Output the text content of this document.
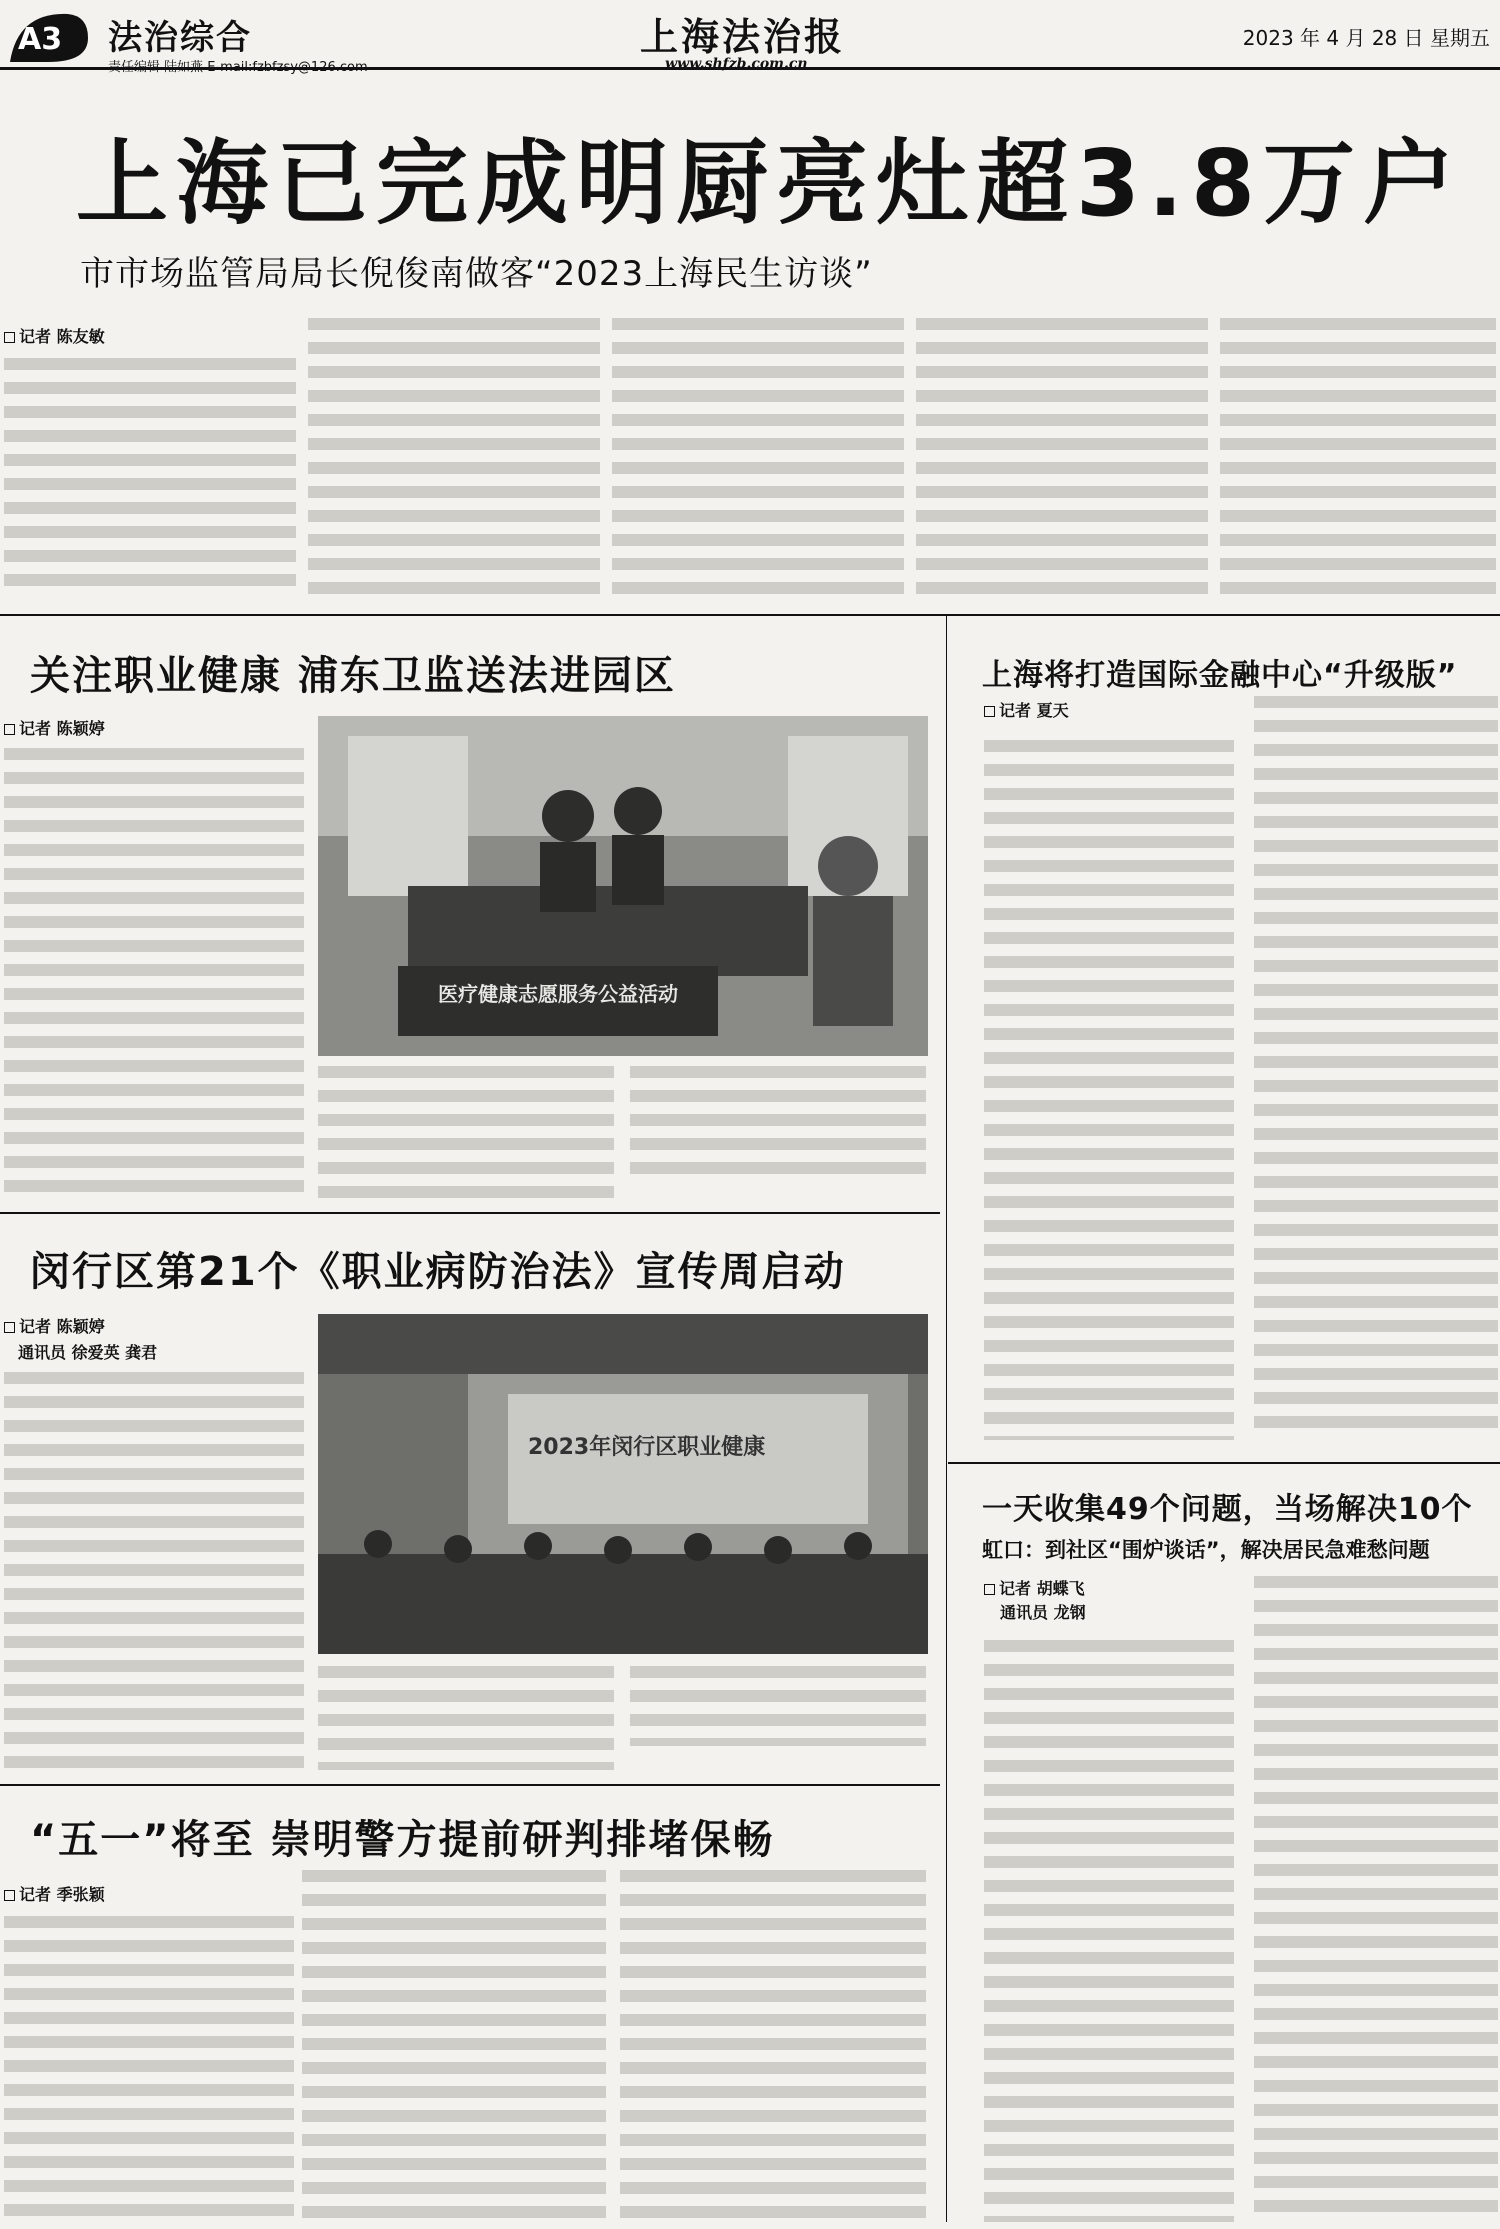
A3 法治综合
责任编辑 陆如燕 E-mail:fzbfzsy@126.com
上海法治报
www.shfzb.com.cn
2023 年 4 月 28 日 星期五
上海已完成明厨亮灶超3.8万户
市市场监管局局长倪俊南做客“2023上海民生访谈”
记者 陈友敏
关注职业健康 浦东卫监送法进园区
记者 陈颖婷
医疗健康志愿服务公益活动
闵行区第21个《职业病防治法》宣传周启动
记者 陈颖婷
通讯员 徐爱英 龚君
2023年闵行区职业健康
“五一”将至 崇明警方提前研判排堵保畅
记者 季张颖
上海将打造国际金融中心“升级版”
记者 夏天
一天收集49个问题，当场解决10个
虹口：到社区“围炉谈话”，解决居民急难愁问题
记者 胡蝶飞
通讯员 龙钢
